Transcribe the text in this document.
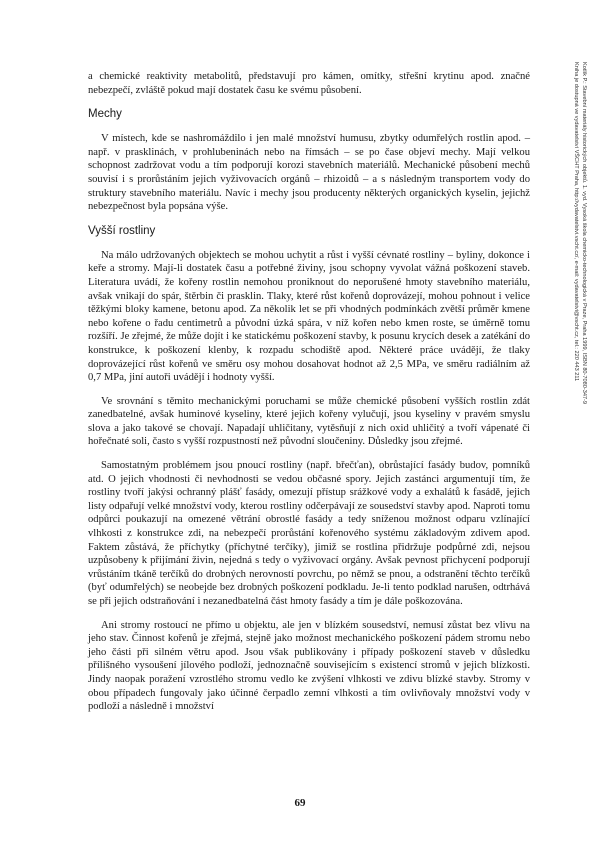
a chemické reaktivity metabolitů, představují pro kámen, omítky, střešní krytinu apod. značné nebezpečí, zvláště pokud mají dostatek času ke svému působení.

Mechy

V místech, kde se nashromáždilo i jen malé množství humusu, zbytky odumřelých rostlin apod. – např. v prasklinách, v prohlubeninách nebo na římsách – se po čase objeví mechy. Mají velkou schopnost zadržovat vodu a tím podporují korozi stavebních materiálů. Mechanické působení mechů souvisí i s prorůstáním jejich vyživovacích orgánů – rhizoidů – a s následným transportem vody do struktury stavebního materiálu. Navíc i mechy jsou producenty některých organických kyselin, jejichž nebezpečnost byla popsána výše.

Vyšší rostliny

Na málo udržovaných objektech se mohou uchytit a růst i vyšší cévnaté rostliny – byliny, dokonce i keře a stromy. Mají-li dostatek času a potřebné živiny, jsou schopny vyvolat vážná poškození staveb. Literatura uvádí, že kořeny rostlin nemohou proniknout do neporušené hmoty stavebního materiálu, avšak vnikají do spár, štěrbin či prasklin. Tlaky, které růst kořenů doprovázejí, mohou pohnout i velice těžkými bloky kamene, betonu apod. Za několik let se při vhodných podmínkách zvětší průměr kmene nebo kořene o řadu centimetrů a původní úzká spára, v níž kořen nebo kmen roste, se úměrně tomu rozšíří. Je zřejmé, že může dojít i ke statickému poškození stavby, k posunu krycích desek a zatékání do konstrukce, k poškození klenby, k rozpadu schodiště apod. Některé práce uvádějí, že tlaky doprovázející růst kořenů ve směru osy mohou dosahovat hodnot až 2,5 MPa, ve směru radiálním až 0,7 MPa, jiní autoři uvádějí i hodnoty vyšší.

Ve srovnání s těmito mechanickými poruchami se může chemické působení vyšších rostlin zdát zanedbatelné, avšak huminové kyseliny, které jejich kořeny vylučují, jsou kyseliny v pravém smyslu slova a jako takové se chovají. Napadají uhličitany, vytěsňují z nich oxid uhličitý a tvoří vápenaté či hořečnaté soli, často s vyšší rozpustností než původní sloučeniny. Důsledky jsou zřejmé.

Samostatným problémem jsou pnoucí rostliny (např. břečťan), obrůstající fasády budov, pomníků atd. O jejich vhodnosti či nevhodnosti se vedou občasné spory. Jejich zastánci argumentují tím, že rostliny tvoří jakýsi ochranný plášť fasády, omezují přístup srážkové vody a exhalátů k fasádě, jejich listy odpařují velké množství vody, kterou rostliny odčerpávají ze sousedství stavby apod. Naproti tomu odpůrci poukazují na omezené větrání obrostlé fasády a tedy sníženou možnost odparu vzlínající vlhkosti z konstrukce zdi, na nebezpečí prorůstání kořenového systému základovým zdivem apod. Faktem zůstává, že příchytky (příchytné terčíky), jimiž se rostlina přidržuje podpůrné zdi, nejsou uzpůsobeny k přijímání živin, nejedná s tedy o vyživovací orgány. Avšak pevnost přichycení podporují vrůstáním tkáně terčíků do drobných nerovností povrchu, po němž se pnou, a odstranění těchto terčíků (byť odumřelých) se neobejde bez drobných poškození podkladu. Je-li tento podklad narušen, odtrhává se při jejich odstraňování i nezanedbatelná část hmoty fasády a tím je dále poškozována.

Ani stromy rostoucí ne přímo u objektu, ale jen v blízkém sousedství, nemusí zůstat bez vlivu na jeho stav. Činnost kořenů je zřejmá, stejně jako možnost mechanického poškození pádem stromu nebo jeho části při silném větru apod. Jsou však publikovány i případy poškození staveb v důsledku přílišného vysoušení jílového podloží, jednoznačně souvisejícím s existencí stromů v jejich blízkosti. Jindy naopak poražení vzrostlého stromu vedlo ke zvýšení vlhkosti ve zdivu blízké stavby. Stromy v obou případech fungovaly jako účinné čerpadlo zemní vlhkosti a tím ovlivňovaly množství vody v podloží a následně i množství

Kotlík P.: Stavební materiály historických objektů. 1. vyd. Vysoká škola chemicko-technologická v Praze, Praha 1999, ISBN 80-7080-347-9
Kniha je dostupná ve vydavatelství VŠCHT Praha, http://vydavatelstvi.vscht.cz/, e-mail: vydavatelstvi@vscht.cz, tel.: 220 443 211
69
